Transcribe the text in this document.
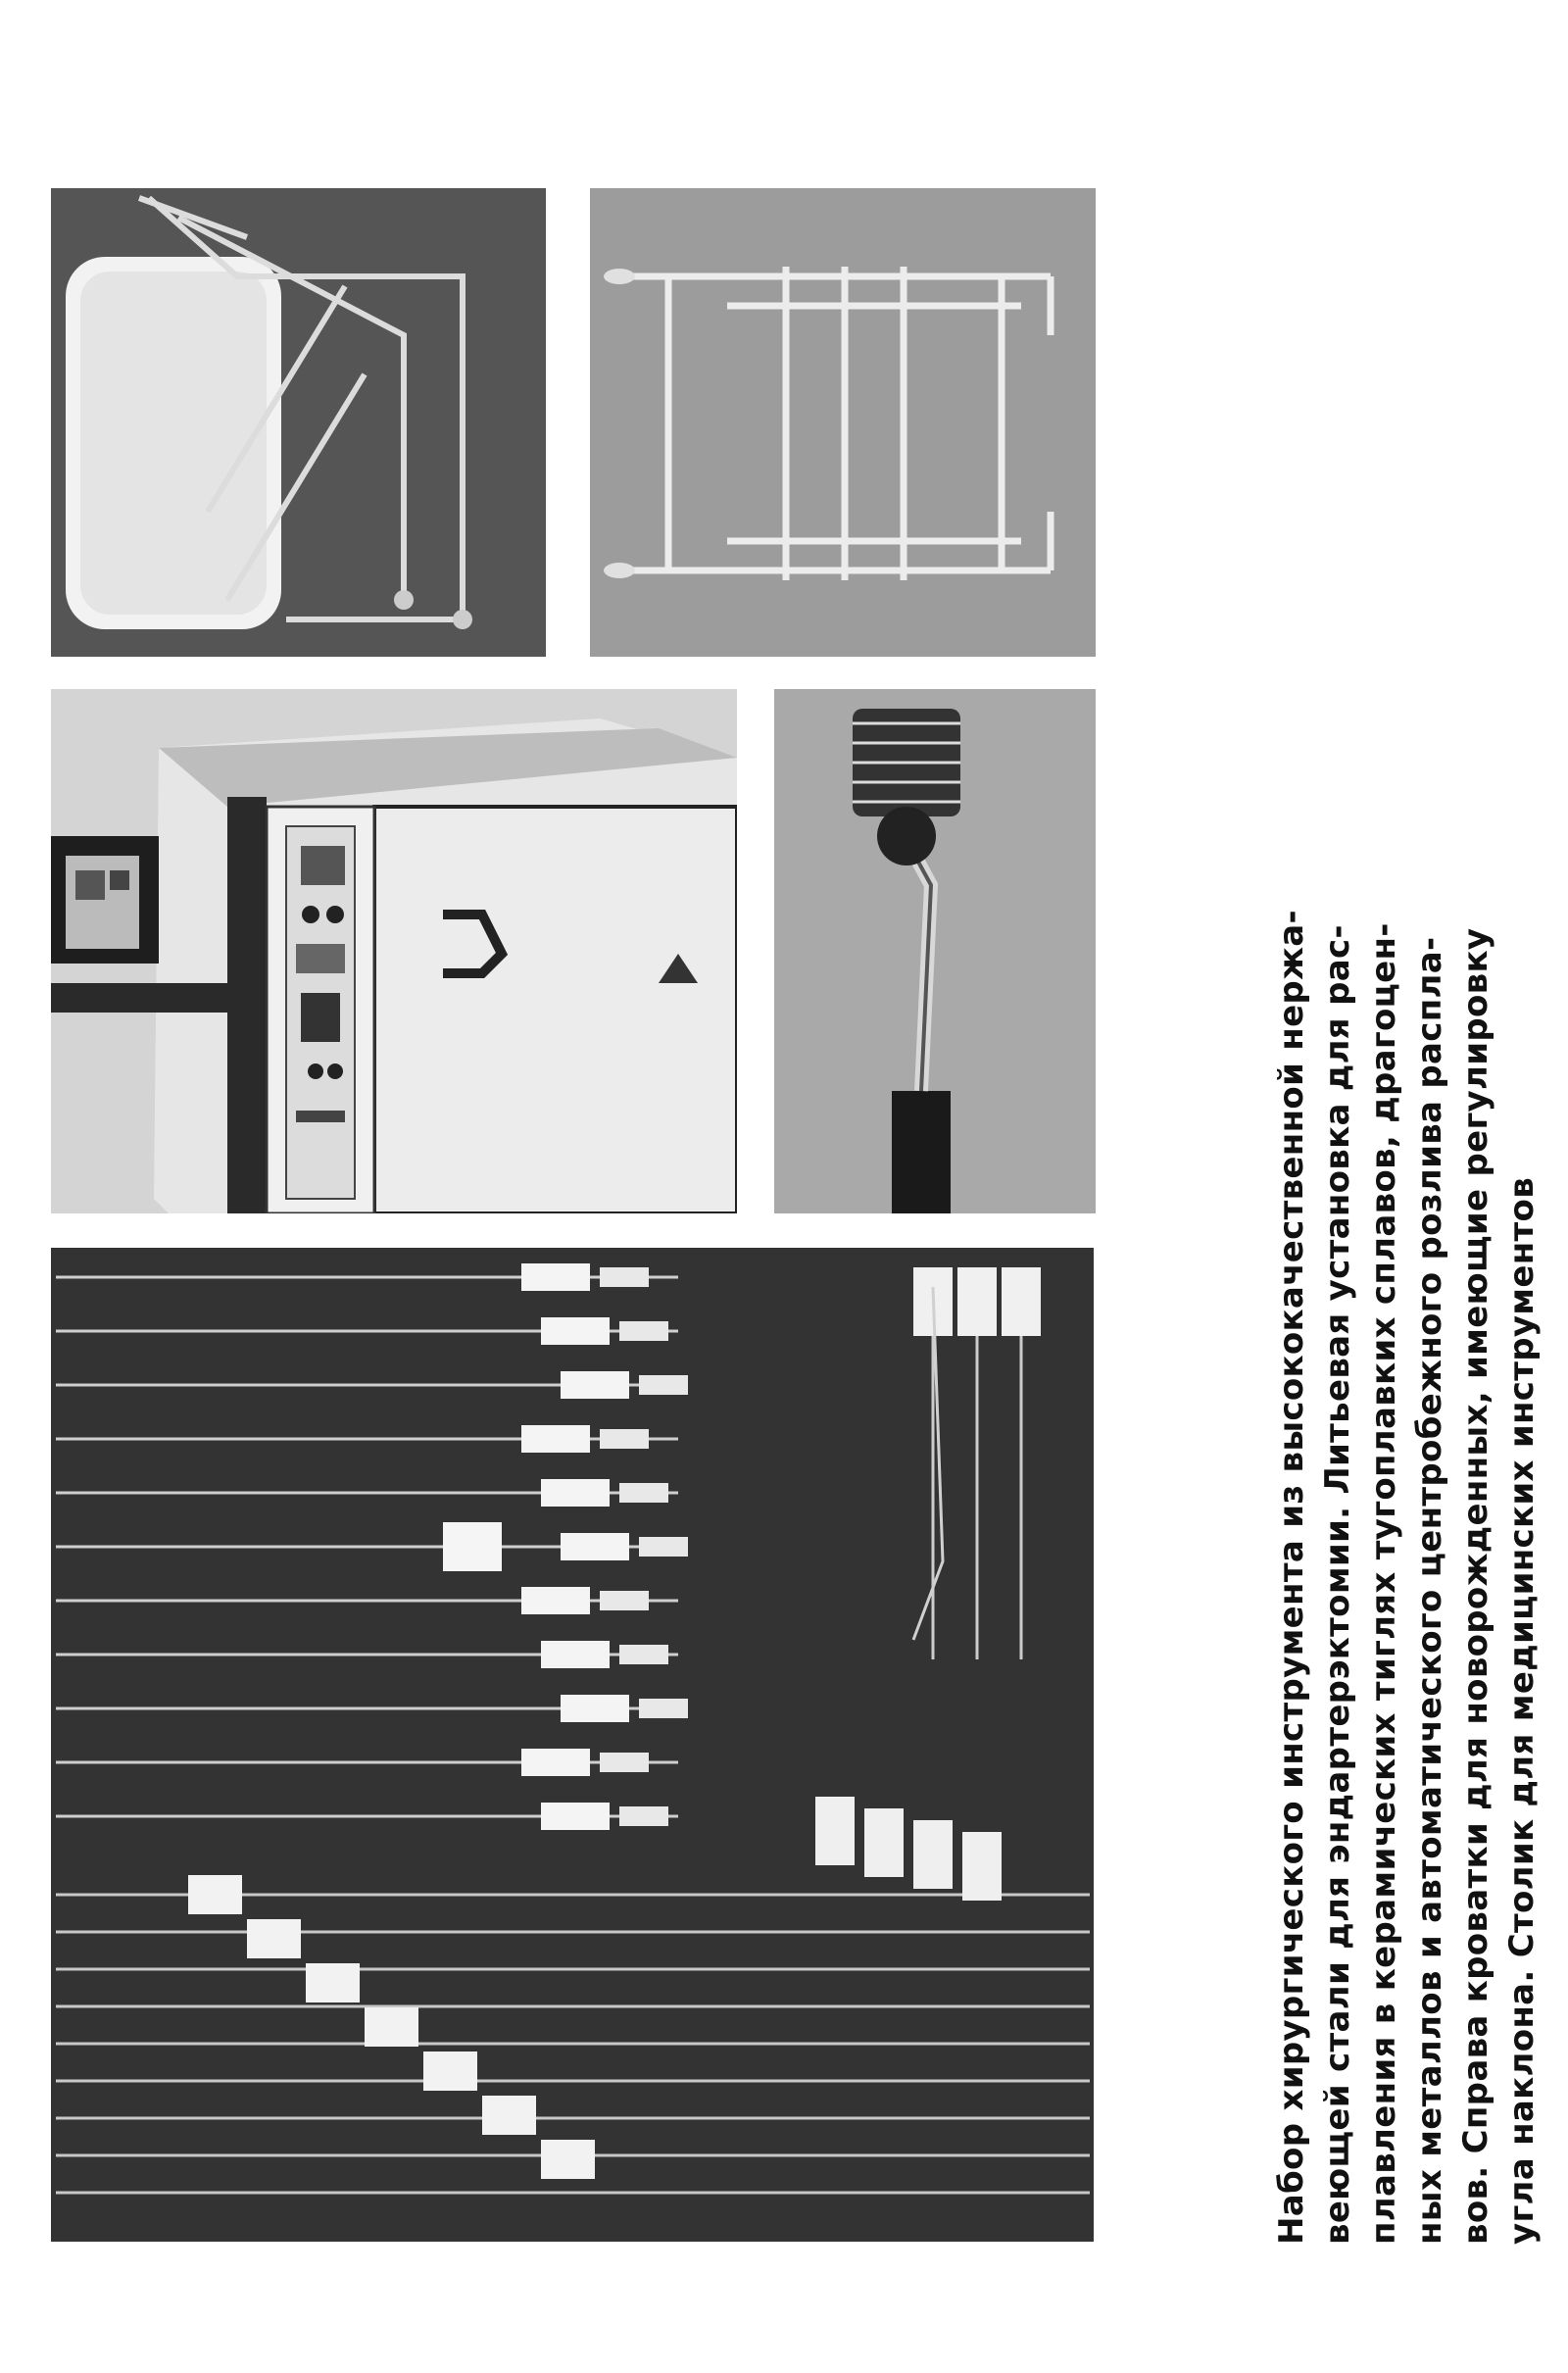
Набор хирургического инструмента из высококачественной нержа- веющей стали для эндартерэктомии. Литьевая установка для рас- плавления в керамических тиглях тугоплавких сплавов, драгоцен- ных металлов и автоматического центробежного розлива распла- вов. Справа кроватки для новорожденных, имеющие регулировку угла наклона. Столик для медицинских инструментов
